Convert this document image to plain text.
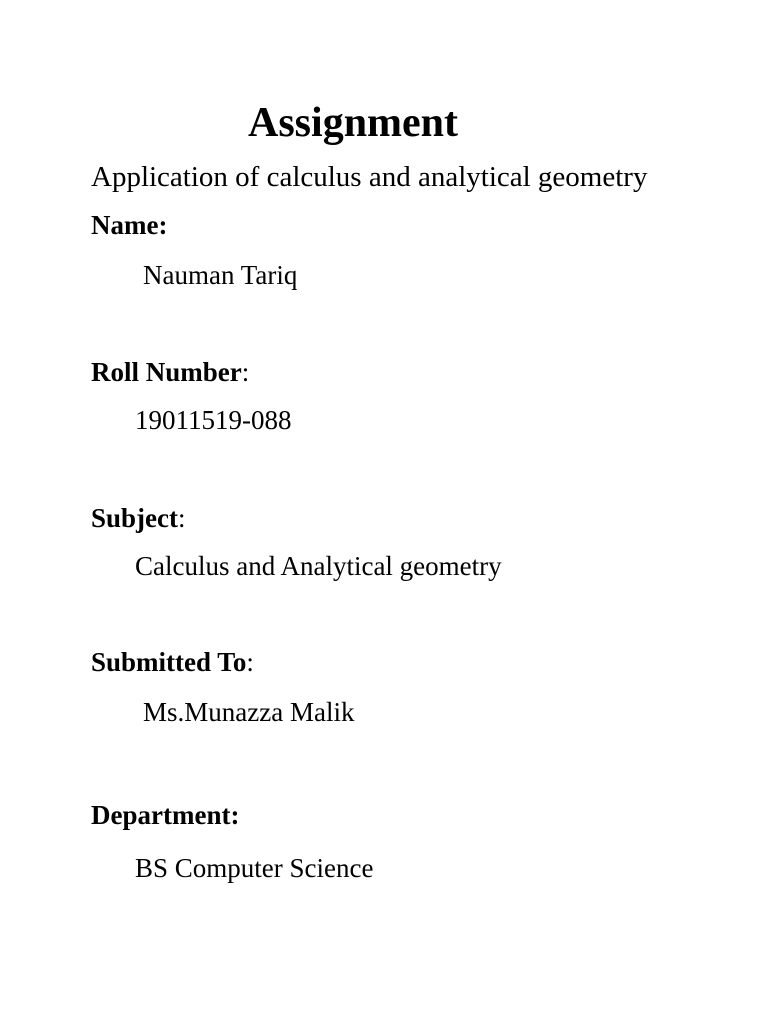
Assignment
Application of calculus and analytical geometry
Name:
Nauman Tariq
Roll Number:
19011519-088
Subject:
Calculus and Analytical geometry
Submitted To:
Ms.Munazza Malik
Department:
BS Computer Science
